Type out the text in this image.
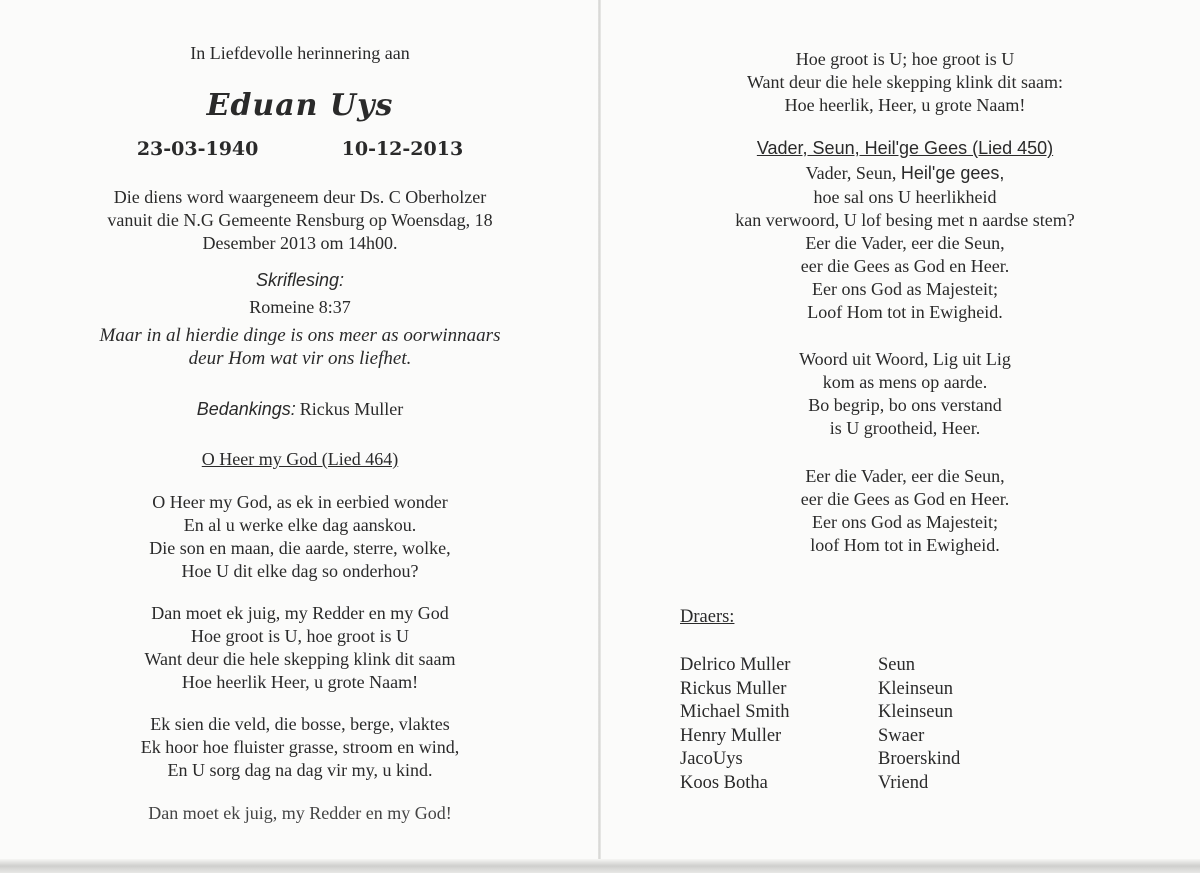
In Liefdevolle herinnering aan
Eduan Uys
23-03-1940	10-12-2013
Die diens word waargeneem deur Ds. C Oberholzer
vanuit die N.G Gemeente Rensburg op Woensdag, 18
Desember 2013 om 14h00.
Skriflesing:
Romeine 8:37
Maar in al hierdie dinge is ons meer as oorwinnaars
deur Hom wat vir ons liefhet.
Bedankings: Rickus Muller
O Heer my God (Lied 464)
O Heer my God, as ek in eerbied wonder
En al u werke elke dag aanskou.
Die son en maan, die aarde, sterre, wolke,
Hoe U dit elke dag so onderhou?
Dan moet ek juig, my Redder en my God
Hoe groot is U, hoe groot is U
Want deur die hele skepping klink dit saam
Hoe heerlik Heer, u grote Naam!
Ek sien die veld, die bosse, berge, vlaktes
Ek hoor hoe fluister grasse, stroom en wind,
En U sorg dag na dag vir my, u kind.
Dan moet ek juig, my Redder en my God!
Hoe groot is U; hoe groot is U
Want deur die hele skepping klink dit saam:
Hoe heerlik, Heer, u grote Naam!
Vader, Seun, Heil'ge Gees (Lied 450)
Vader, Seun, Heil'ge gees,
hoe sal ons U heerlikheid
kan verwoord, U lof besing met n aardse stem?
Eer die Vader, eer die Seun,
eer die Gees as God en Heer.
Eer ons God as Majesteit;
Loof Hom tot in Ewigheid.
Woord uit Woord, Lig uit Lig
kom as mens op aarde.
Bo begrip, bo ons verstand
is U grootheid, Heer.
Eer die Vader, eer die Seun,
eer die Gees as God en Heer.
Eer ons God as Majesteit;
loof Hom tot in Ewigheid.
Draers:
Delrico Muller	Seun
Rickus Muller	Kleinseun
Michael Smith	Kleinseun
Henry Muller	Swaer
JacoUys	Broerskind
Koos Botha	Vriend
